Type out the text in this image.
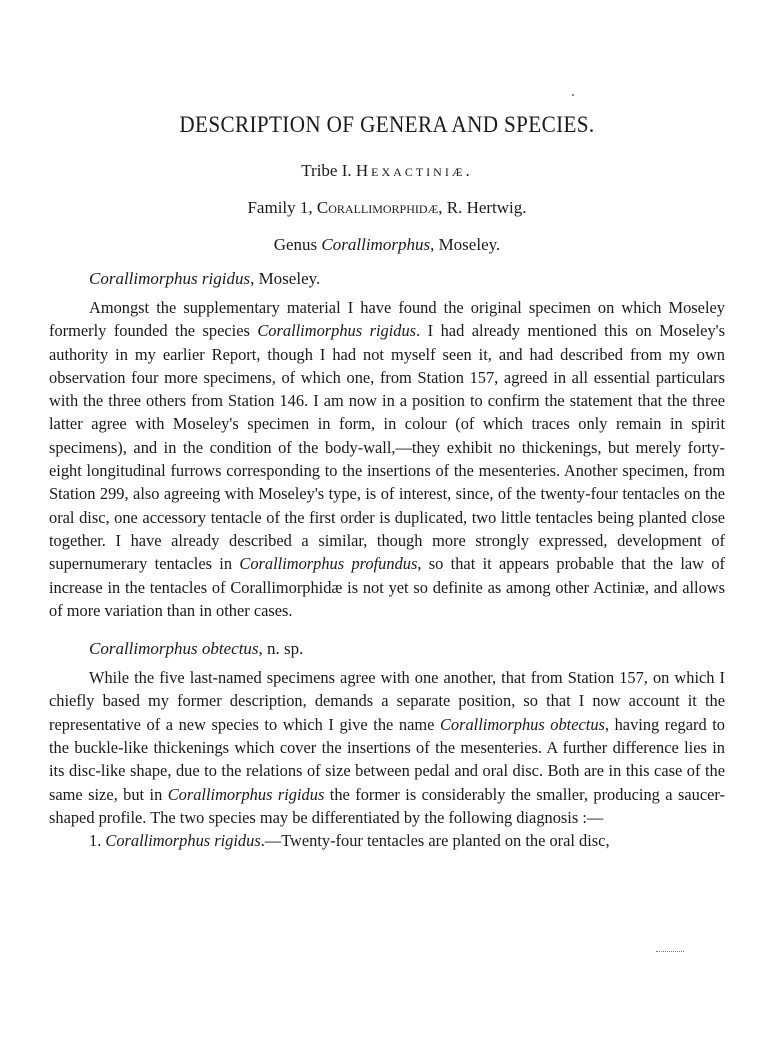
DESCRIPTION OF GENERA AND SPECIES.
Tribe I. Hexactiniæ.
Family 1, Corallimorphidæ, R. Hertwig.
Genus Corallimorphus, Moseley.
Corallimorphus rigidus, Moseley.

Amongst the supplementary material I have found the original specimen on which Moseley formerly founded the species Corallimorphus rigidus. I had already mentioned this on Moseley's authority in my earlier Report, though I had not myself seen it, and had described from my own observation four more specimens, of which one, from Station 157, agreed in all essential particulars with the three others from Station 146. I am now in a position to confirm the statement that the three latter agree with Moseley's specimen in form, in colour (of which traces only remain in spirit specimens), and in the condition of the body-wall,—they exhibit no thickenings, but merely forty-eight longitudinal furrows corresponding to the insertions of the mesenteries. Another specimen, from Station 299, also agreeing with Moseley's type, is of interest, since, of the twenty-four tentacles on the oral disc, one accessory tentacle of the first order is duplicated, two little tentacles being planted close together. I have already described a similar, though more strongly expressed, development of supernumerary tentacles in Corallimorphus profundus, so that it appears probable that the law of increase in the tentacles of Corallimorphidæ is not yet so definite as among other Actiniæ, and allows of more variation than in other cases.

Corallimorphus obtectus, n. sp.

While the five last-named specimens agree with one another, that from Station 157, on which I chiefly based my former description, demands a separate position, so that I now account it the representative of a new species to which I give the name Corallimorphus obtectus, having regard to the buckle-like thickenings which cover the insertions of the mesenteries. A further difference lies in its disc-like shape, due to the relations of size between pedal and oral disc. Both are in this case of the same size, but in Corallimorphus rigidus the former is considerably the smaller, producing a saucer-shaped profile. The two species may be differentiated by the following diagnosis :—

1. Corallimorphus rigidus.—Twenty-four tentacles are planted on the oral disc,
